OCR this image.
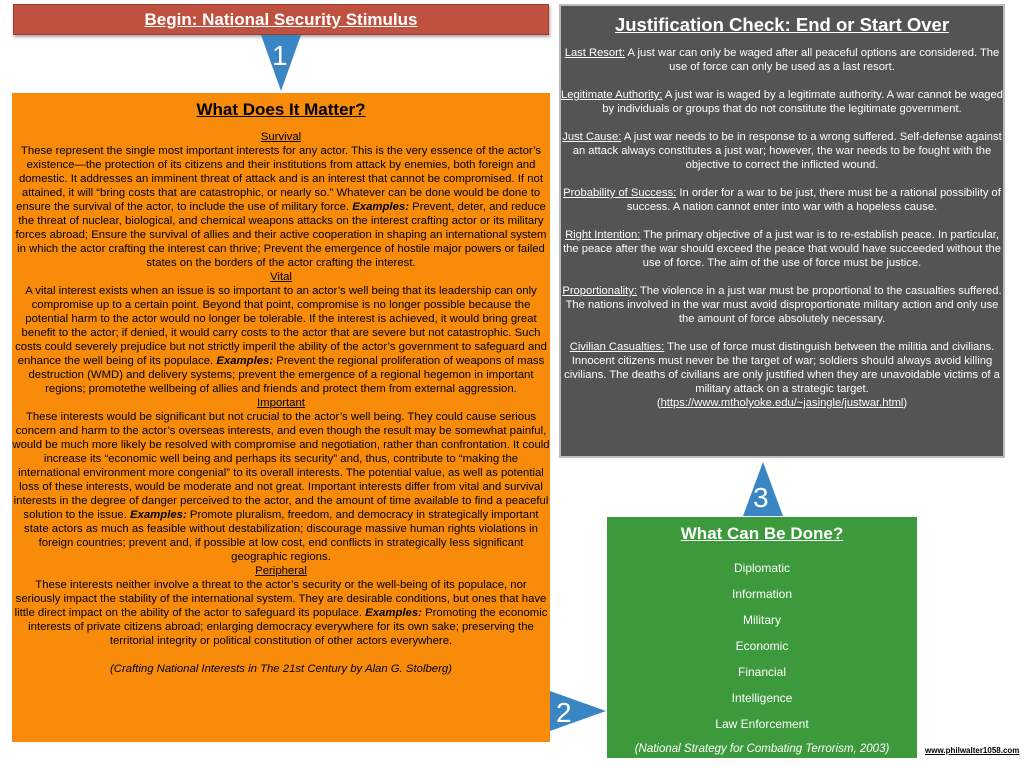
Begin: National Security Stimulus
1
What Does It Matter?
Survival
These represent the single most important interests for any actor. This is the very essence of the actor’s existence—the protection of its citizens and their institutions from attack by enemies, both foreign and domestic. It addresses an imminent threat of attack and is an interest that cannot be compromised. If not attained, it will “bring costs that are catastrophic, or nearly so.” Whatever can be done would be done to ensure the survival of the actor, to include the use of military force. Examples: Prevent, deter, and reduce the threat of nuclear, biological, and chemical weapons attacks on the interest crafting actor or its military forces abroad; Ensure the survival of allies and their active cooperation in shaping an international system in which the actor crafting the interest can thrive; Prevent the emergence of hostile major powers or failed states on the borders of the actor crafting the interest.
Vital
A vital interest exists when an issue is so important to an actor’s well being that its leadership can only compromise up to a certain point. Beyond that point, compromise is no longer possible because the potential harm to the actor would no longer be tolerable. If the interest is achieved, it would bring great benefit to the actor; if denied, it would carry costs to the actor that are severe but not catastrophic. Such costs could severely prejudice but not strictly imperil the ability of the actor’s government to safeguard and enhance the well being of its populace. Examples: Prevent the regional proliferation of weapons of mass destruction (WMD) and delivery systems; prevent the emergence of a regional hegemon in important regions; promotethe wellbeing of allies and friends and protect them from external aggression.
Important
These interests would be significant but not crucial to the actor’s well being. They could cause serious concern and harm to the actor’s overseas interests, and even though the result may be somewhat painful, would be much more likely be resolved with compromise and negotiation, rather than confrontation. It could increase its “economic well being and perhaps its security” and, thus, contribute to “making the international environment more congenial” to its overall interests. The potential value, as well as potential loss of these interests, would be moderate and not great. Important interests differ from vital and survival interests in the degree of danger perceived to the actor, and the amount of time available to find a peaceful solution to the issue. Examples: Promote pluralism, freedom, and democracy in strategically important state actors as much as feasible without destabilization; discourage massive human rights violations in foreign countries; prevent and, if possible at low cost, end conflicts in strategically less significant geographic regions.
Peripheral
These interests neither involve a threat to the actor’s security or the well-being of its populace, nor seriously impact the stability of the international system. They are desirable conditions, but ones that have little direct impact on the ability of the actor to safeguard its populace. Examples: Promoting the economic interests of private citizens abroad; enlarging democracy everywhere for its own sake; preserving the territorial integrity or political constitution of other actors everywhere.
(Crafting National Interests in The 21st Century by Alan G. Stolberg)
Justification Check: End or Start Over
Last Resort: A just war can only be waged after all peaceful options are considered. The use of force can only be used as a last resort.
Legitimate Authority: A just war is waged by a legitimate authority. A war cannot be waged by individuals or groups that do not constitute the legitimate government.
Just Cause: A just war needs to be in response to a wrong suffered. Self-defense against an attack always constitutes a just war; however, the war needs to be fought with the objective to correct the inflicted wound.
Probability of Success: In order for a war to be just, there must be a rational possibility of success. A nation cannot enter into war with a hopeless cause.
Right Intention: The primary objective of a just war is to re-establish peace. In particular, the peace after the war should exceed the peace that would have succeeded without the use of force. The aim of the use of force must be justice.
Proportionality: The violence in a just war must be proportional to the casualties suffered. The nations involved in the war must avoid disproportionate military action and only use the amount of force absolutely necessary.
Civilian Casualties: The use of force must distinguish between the militia and civilians. Innocent citizens must never be the target of war; soldiers should always avoid killing civilians. The deaths of civilians are only justified when they are unavoidable victims of a military attack on a strategic target.
(https://www.mtholyoke.edu/~jasingle/justwar.html)
3
What Can Be Done?
Diplomatic
Information
Military
Economic
Financial
Intelligence
Law Enforcement
(National Strategy for Combating Terrorism, 2003)
2
www.philwalter1058.com
